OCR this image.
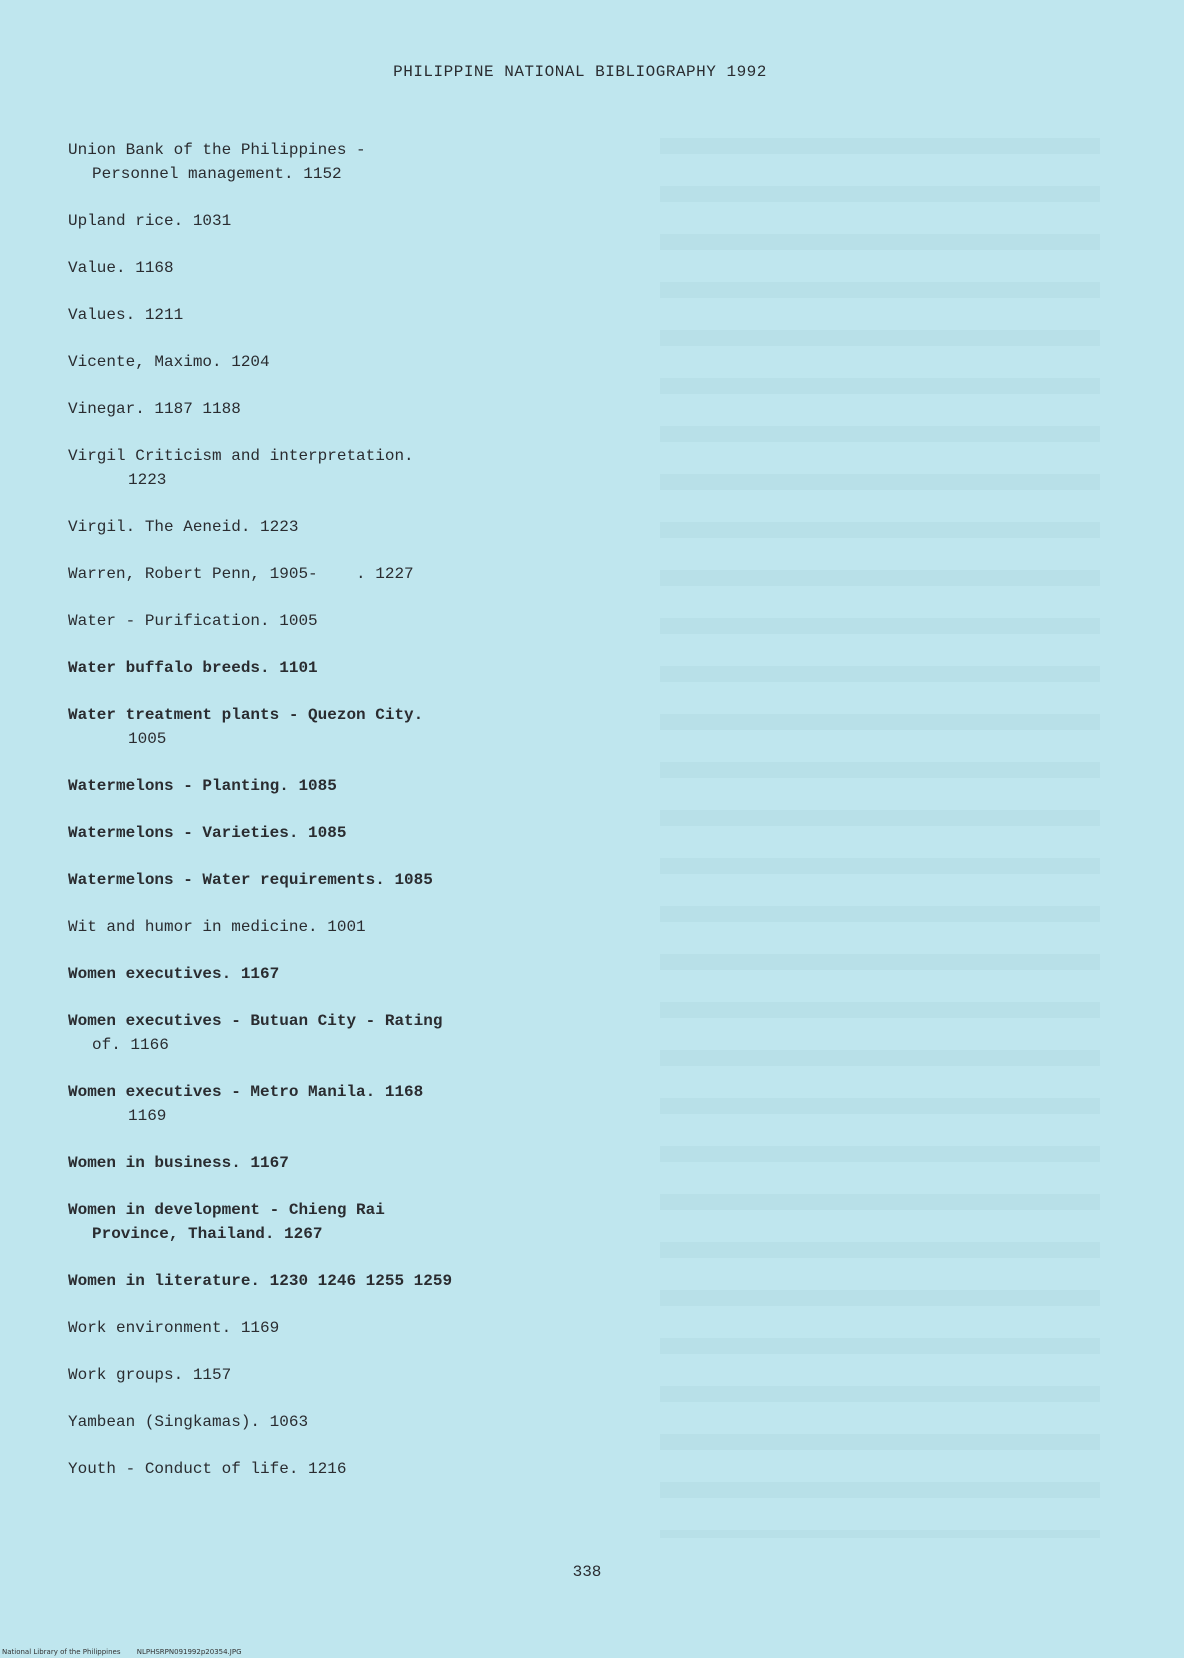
PHILIPPINE NATIONAL BIBLIOGRAPHY 1992
Union Bank of the Philippines -
Personnel management. 1152
Upland rice. 1031
Value. 1168
Values. 1211
Vicente, Maximo. 1204
Vinegar. 1187 1188
Virgil Criticism and interpretation.
1223
Virgil. The Aeneid. 1223
Warren, Robert Penn, 1905-    . 1227
Water - Purification. 1005
Water buffalo breeds. 1101
Water treatment plants - Quezon City.
1005
Watermelons - Planting. 1085
Watermelons - Varieties. 1085
Watermelons - Water requirements. 1085
Wit and humor in medicine. 1001
Women executives. 1167
Women executives - Butuan City - Rating
of. 1166
Women executives - Metro Manila. 1168
1169
Women in business. 1167
Women in development - Chieng Rai
Province, Thailand. 1267
Women in literature. 1230 1246 1255 1259
Work environment. 1169
Work groups. 1157
Yambean (Singkamas). 1063
Youth - Conduct of life. 1216
338
National Library of the Philippines NLPHSRPN091992p20354.JPG
